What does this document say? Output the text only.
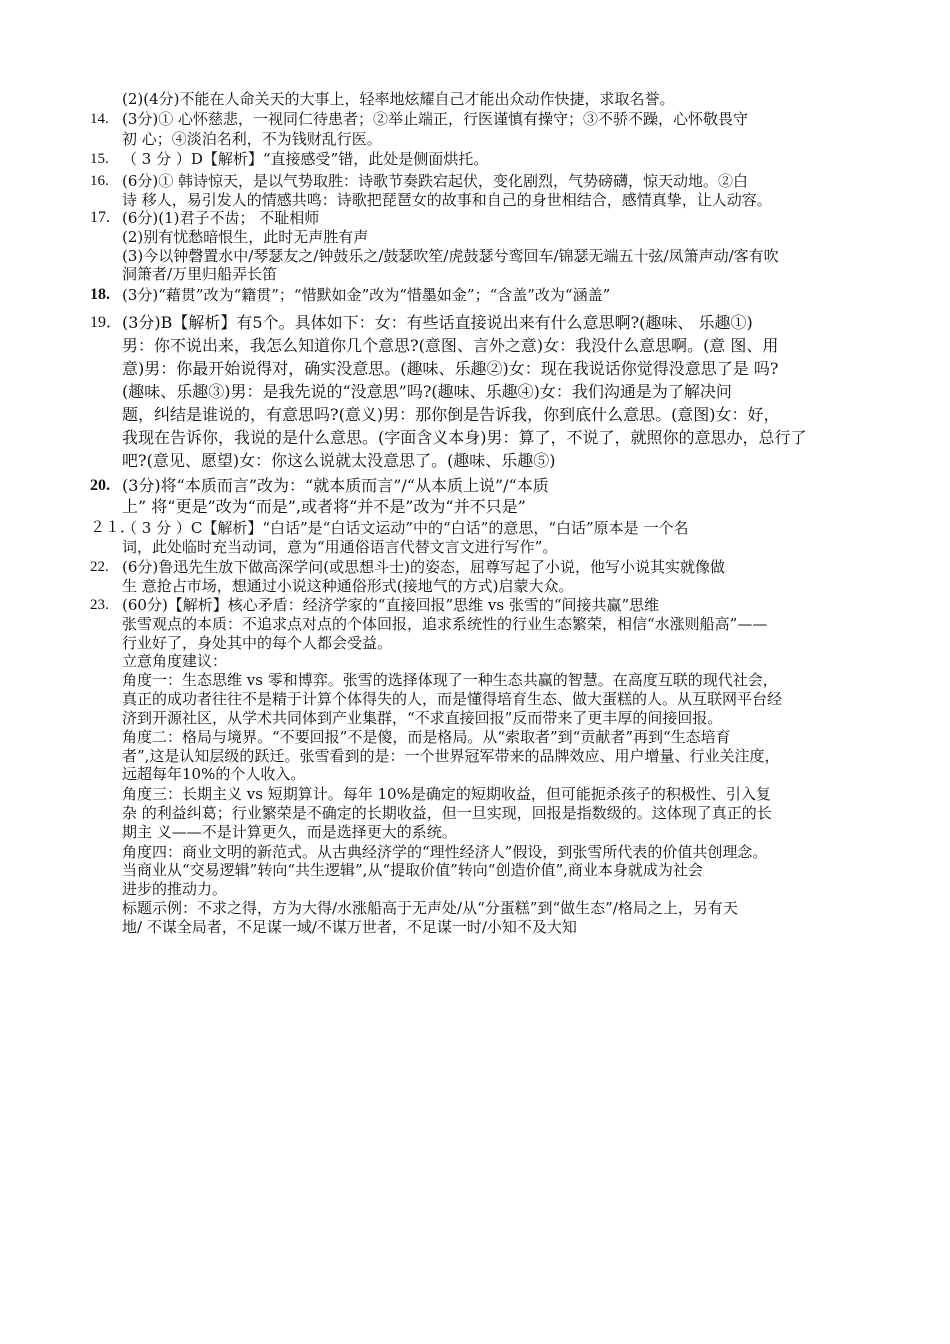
(2)(4分)不能在人命关天的大事上，轻率地炫耀自己才能出众动作快捷，求取名誉。
14. (3分)① 心怀慈悲，一视同仁待患者；②举止端正，行医谨慎有操守；③不骄不躁，心怀敬畏守
初 心；④淡泊名利，不为钱财乱行医。
15. （ 3 分 ）D【解析】“直接感受”错，此处是侧面烘托。
16. (6分)① 韩诗惊天，是以气势取胜：诗歌节奏跌宕起伏，变化剧烈，气势磅礴，惊天动地。②白
诗 移人，易引发人的情感共鸣：诗歌把琵琶女的故事和自己的身世相结合，感情真挚，让人动容。
17. (6分)(1)君子不齿； 不耻相师
(2)别有忧愁暗恨生，此时无声胜有声
(3)今以钟磬置水中/琴瑟友之/钟鼓乐之/鼓瑟吹笙/虎鼓瑟兮鸾回车/锦瑟无端五十弦/凤箫声动/客有吹
洞箫者/万里归船弄长笛
18. (3分)“藉贯”改为“籍贯”；“惜默如金”改为“惜墨如金”；“含盖”改为“涵盖”
19． (3分)B【解析】有5个。具体如下：女：有些话直接说出来有什么意思啊?(趣味、 乐趣①)
男：你不说出来，我怎么知道你几个意思?(意图、言外之意)女：我没什么意思啊。(意 图、用
意)男：你最开始说得对，确实没意思。(趣味、乐趣②)女：现在我说话你觉得没意思了是 吗?
(趣味、乐趣③)男：是我先说的“没意思”吗?(趣味、乐趣④)女：我们沟通是为了解决问
题，纠结是谁说的，有意思吗?(意义)男：那你倒是告诉我，你到底什么意思。(意图)女：好，
我现在告诉你，我说的是什么意思。(字面含义本身)男：算了，不说了，就照你的意思办，总行了
吧?(意见、愿望)女：你这么说就太没意思了。(趣味、乐趣⑤)
20. (3分)将“本质而言”改为：“就本质而言”/“从本质上说”/“本质
上” 将“更是”改为“而是”,或者将“并不是”改为“并不只是”
２１．
（ 3 分 ）C【解析】“白话”是“白话文运动”中的“白话”的意思，“白话”原本是 一个名
词，此处临时充当动词，意为“用通俗语言代替文言文进行写作”。
22. (6分)鲁迅先生放下做高深学问(或思想斗士)的姿态，屈尊写起了小说，他写小说其实就像做
生 意抢占市场，想通过小说这种通俗形式(接地气的方式)启蒙大众。
23. (60分)【解析】核心矛盾：经济学家的“直接回报”思维 vs 张雪的“间接共赢”思维
张雪观点的本质：不追求点对点的个体回报，追求系统性的行业生态繁荣，相信“水涨则船高”——
行业好了，身处其中的每个人都会受益。
立意角度建议：
角度一：生态思维 vs 零和博弈。张雪的选择体现了一种生态共赢的智慧。在高度互联的现代社会，
真正的成功者往往不是精于计算个体得失的人，而是懂得培育生态、做大蛋糕的人。从互联网平台经
济到开源社区，从学术共同体到产业集群，“不求直接回报”反而带来了更丰厚的间接回报。
角度二：格局与境界。“不要回报”不是傻，而是格局。从“索取者”到“贡献者”再到“生态培育
者”,这是认知层级的跃迁。张雪看到的是：一个世界冠军带来的品牌效应、用户增量、行业关注度，
远超每年10%的个人收入。
角度三：长期主义 vs 短期算计。每年 10%是确定的短期收益，但可能扼杀孩子的积极性、引入复
杂 的利益纠葛；行业繁荣是不确定的长期收益，但一旦实现，回报是指数级的。这体现了真正的长
期主 义——不是计算更久，而是选择更大的系统。
角度四：商业文明的新范式。从古典经济学的“理性经济人”假设，到张雪所代表的价值共创理念。
当商业从“交易逻辑”转向“共生逻辑”,从“提取价值”转向“创造价值”,商业本身就成为社会
进步的推动力。
标题示例：不求之得，方为大得/水涨船高于无声处/从“分蛋糕”到“做生态”/格局之上，另有天
地/ 不谋全局者，不足谋一域/不谋万世者，不足谋一时/小知不及大知
